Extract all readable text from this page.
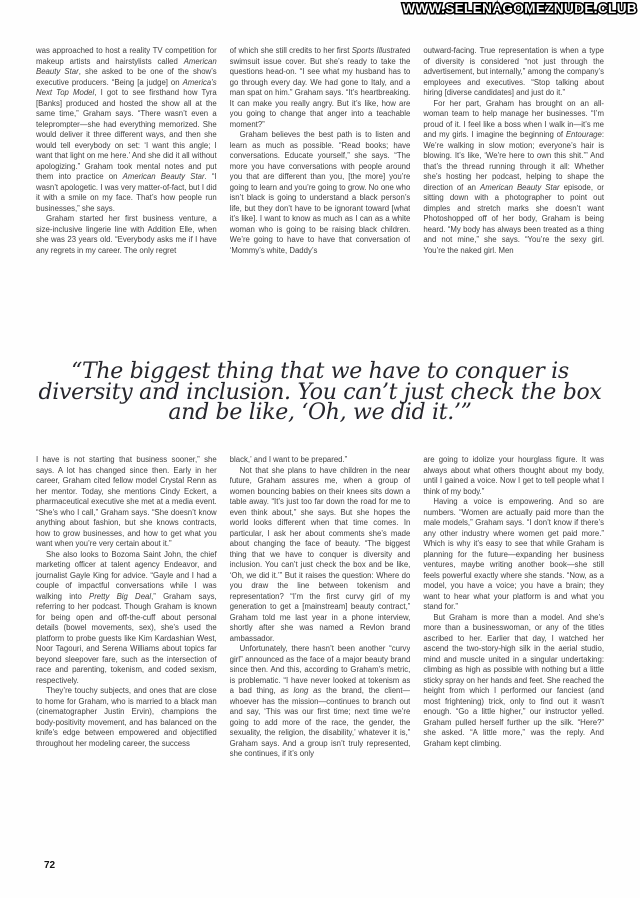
WWW.SELENAGOMEZNUDE.CLUB

was approached to host a reality TV competition for makeup artists and hairstylists called American Beauty Star, she asked to be one of the show’s executive producers. “Being [a judge] on America’s Next Top Model, I got to see firsthand how Tyra [Banks] produced and hosted the show all at the same time,” Graham says. “There wasn’t even a teleprompter—she had everything memorized. She would deliver it three different ways, and then she would tell everybody on set: ‘I want this angle; I want that light on me here.’ And she did it all without apologizing.” Graham took mental notes and put them into practice on American Beauty Star. “I wasn’t apologetic. I was very matter-of-fact, but I did it with a smile on my face. That’s how people run businesses,” she says.

Graham started her first business venture, a size-inclusive lingerie line with Addition Elle, when she was 23 years old. “Everybody asks me if I have any regrets in my career. The only regret

of which she still credits to her first Sports Illustrated swimsuit issue cover. But she’s ready to take the questions head-on. “I see what my husband has to go through every day. We had gone to Italy, and a man spat on him.” Graham says. “It’s heartbreaking. It can make you really angry. But it’s like, how are you going to change that anger into a teachable moment?”

Graham believes the best path is to listen and learn as much as possible. “Read books; have conversations. Educate yourself,” she says. “The more you have conversations with people around you that are different than you, [the more] you’re going to learn and you’re going to grow. No one who isn’t black is going to understand a black person’s life, but they don’t have to be ignorant toward [what it’s like]. I want to know as much as I can as a white woman who is going to be raising black children. We’re going to have to have that conversation of ‘Mommy’s white, Daddy’s

outward-facing. True representation is when a type of diversity is considered “not just through the advertisement, but internally,” among the company’s employees and executives. “Stop talking about hiring [diverse candidates] and just do it.”

For her part, Graham has brought on an all-woman team to help manage her businesses. “I’m proud of it. I feel like a boss when I walk in—it’s me and my girls. I imagine the beginning of Entourage: We’re walking in slow motion; everyone’s hair is blowing. It’s like, ‘We’re here to own this shit.’” And that’s the thread running through it all: Whether she’s hosting her podcast, helping to shape the direction of an American Beauty Star episode, or sitting down with a photographer to point out dimples and stretch marks she doesn’t want Photoshopped off of her body, Graham is being heard. “My body has always been treated as a thing and not mine,” she says. “You’re the sexy girl. You’re the naked girl. Men

“The biggest thing that we have to conquer is
diversity and inclusion. You can’t just check the box
and be like, ‘Oh, we did it.’”

I have is not starting that business sooner,” she says. A lot has changed since then. Early in her career, Graham cited fellow model Crystal Renn as her mentor. Today, she mentions Cindy Eckert, a pharmaceutical executive she met at a media event. “She’s who I call,” Graham says. “She doesn’t know anything about fashion, but she knows contracts, how to grow businesses, and how to get what you want when you’re very certain about it.”

She also looks to Bozoma Saint John, the chief marketing officer at talent agency Endeavor, and journalist Gayle King for advice. “Gayle and I had a couple of impactful conversations while I was walking into Pretty Big Deal,” Graham says, referring to her podcast. Though Graham is known for being open and off-the-cuff about personal details (bowel movements, sex), she’s used the platform to probe guests like Kim Kardashian West, Noor Tagouri, and Serena Williams about topics far beyond sleepover fare, such as the intersection of race and parenting, tokenism, and coded sexism, respectively.

They’re touchy subjects, and ones that are close to home for Graham, who is married to a black man (cinematographer Justin Ervin), champions the body-positivity movement, and has balanced on the knife’s edge between empowered and objectified throughout her modeling career, the success

black,’ and I want to be prepared.”

Not that she plans to have children in the near future, Graham assures me, when a group of women bouncing babies on their knees sits down a table away. “It’s just too far down the road for me to even think about,” she says. But she hopes the world looks different when that time comes. In particular, I ask her about comments she’s made about changing the face of beauty. “The biggest thing that we have to conquer is diversity and inclusion. You can’t just check the box and be like, ‘Oh, we did it.’” But it raises the question: Where do you draw the line between tokenism and representation? “I’m the first curvy girl of my generation to get a [mainstream] beauty contract,” Graham told me last year in a phone interview, shortly after she was named a Revlon brand ambassador.

Unfortunately, there hasn’t been another “curvy girl” announced as the face of a major beauty brand since then. And this, according to Graham’s metric, is problematic. “I have never looked at tokenism as a bad thing, as long as the brand, the client—whoever has the mission—continues to branch out and say, ‘This was our first time; next time we’re going to add more of the race, the gender, the sexuality, the religion, the disability,’ whatever it is,” Graham says. And a group isn’t truly represented, she continues, if it’s only

are going to idolize your hourglass figure. It was always about what others thought about my body, until I gained a voice. Now I get to tell people what I think of my body.”

Having a voice is empowering. And so are numbers. “Women are actually paid more than the male models,” Graham says. “I don’t know if there’s any other industry where women get paid more.” Which is why it’s easy to see that while Graham is planning for the future—expanding her business ventures, maybe writing another book—she still feels powerful exactly where she stands. “Now, as a model, you have a voice; you have a brain; they want to hear what your platform is and what you stand for.”

But Graham is more than a model. And she’s more than a businesswoman, or any of the titles ascribed to her. Earlier that day, I watched her ascend the two-story-high silk in the aerial studio, mind and muscle united in a singular undertaking: climbing as high as possible with nothing but a little sticky spray on her hands and feet. She reached the height from which I performed our fanciest (and most frightening) trick, only to find out it wasn’t enough. “Go a little higher,” our instructor yelled. Graham pulled herself further up the silk. “Here?” she asked. “A little more,” was the reply. And Graham kept climbing.

72
